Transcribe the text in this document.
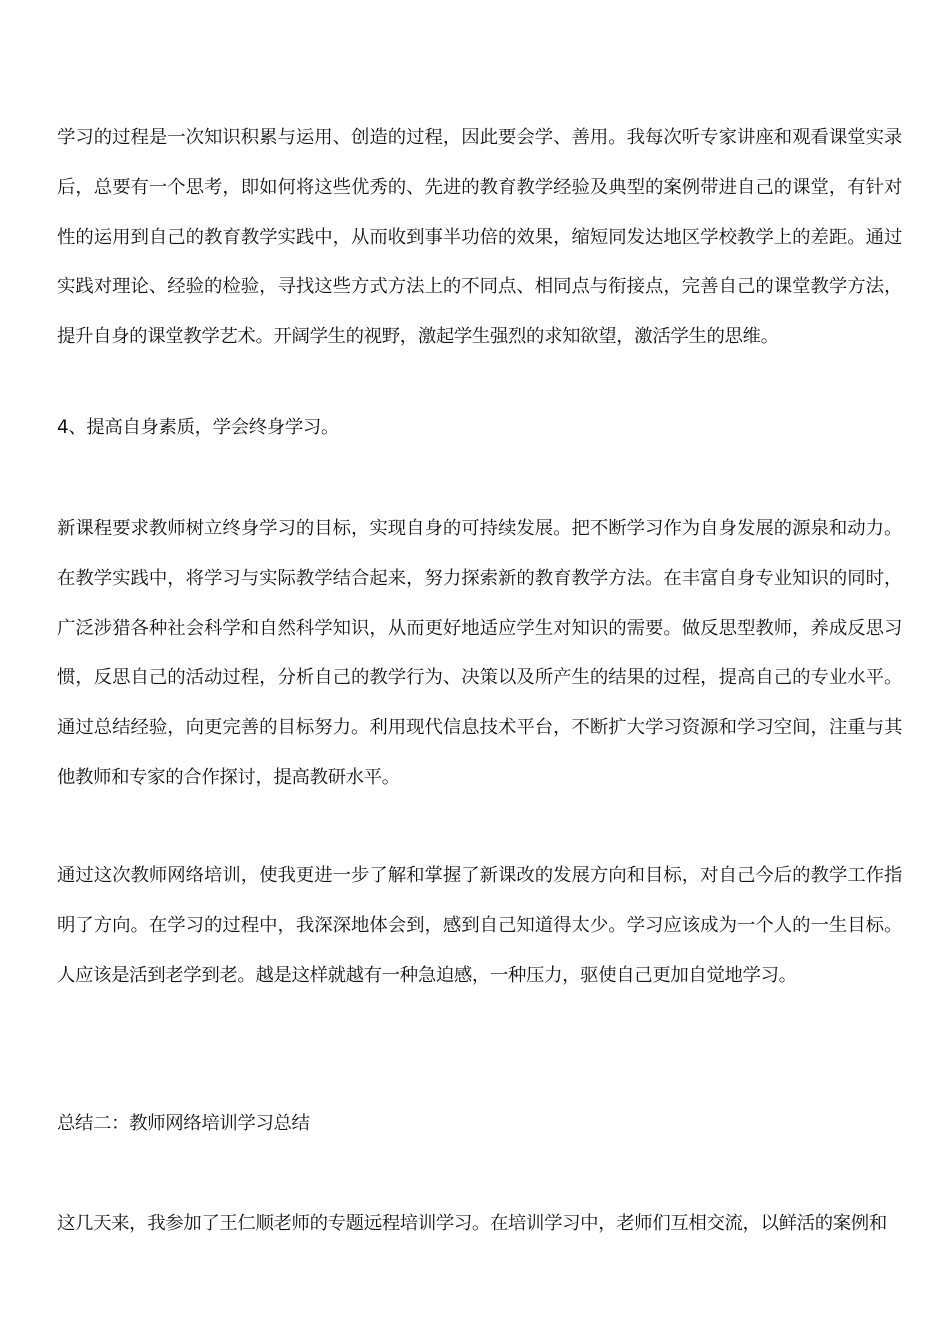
学习的过程是一次知识积累与运用、创造的过程，因此要会学、善用。我每次听专家讲座和观看课堂实录后，总要有一个思考，即如何将这些优秀的、先进的教育教学经验及典型的案例带进自己的课堂，有针对性的运用到自己的教育教学实践中，从而收到事半功倍的效果，缩短同发达地区学校教学上的差距。通过实践对理论、经验的检验，寻找这些方式方法上的不同点、相同点与衔接点，完善自己的课堂教学方法，提升自身的课堂教学艺术。开阔学生的视野，激起学生强烈的求知欲望，激活学生的思维。

4、提高自身素质，学会终身学习。

新课程要求教师树立终身学习的目标，实现自身的可持续发展。把不断学习作为自身发展的源泉和动力。在教学实践中，将学习与实际教学结合起来，努力探索新的教育教学方法。在丰富自身专业知识的同时，广泛涉猎各种社会科学和自然科学知识，从而更好地适应学生对知识的需要。做反思型教师，养成反思习惯，反思自己的活动过程，分析自己的教学行为、决策以及所产生的结果的过程，提高自己的专业水平。通过总结经验，向更完善的目标努力。利用现代信息技术平台，不断扩大学习资源和学习空间，注重与其他教师和专家的合作探讨，提高教研水平。

通过这次教师网络培训，使我更进一步了解和掌握了新课改的发展方向和目标，对自己今后的教学工作指明了方向。在学习的过程中，我深深地体会到，感到自己知道得太少。学习应该成为一个人的一生目标。人应该是活到老学到老。越是这样就越有一种急迫感，一种压力，驱使自己更加自觉地学习。

总结二：教师网络培训学习总结

这几天来，我参加了王仁顺老师的专题远程培训学习。在培训学习中，老师们互相交流，以鲜活的案例和
